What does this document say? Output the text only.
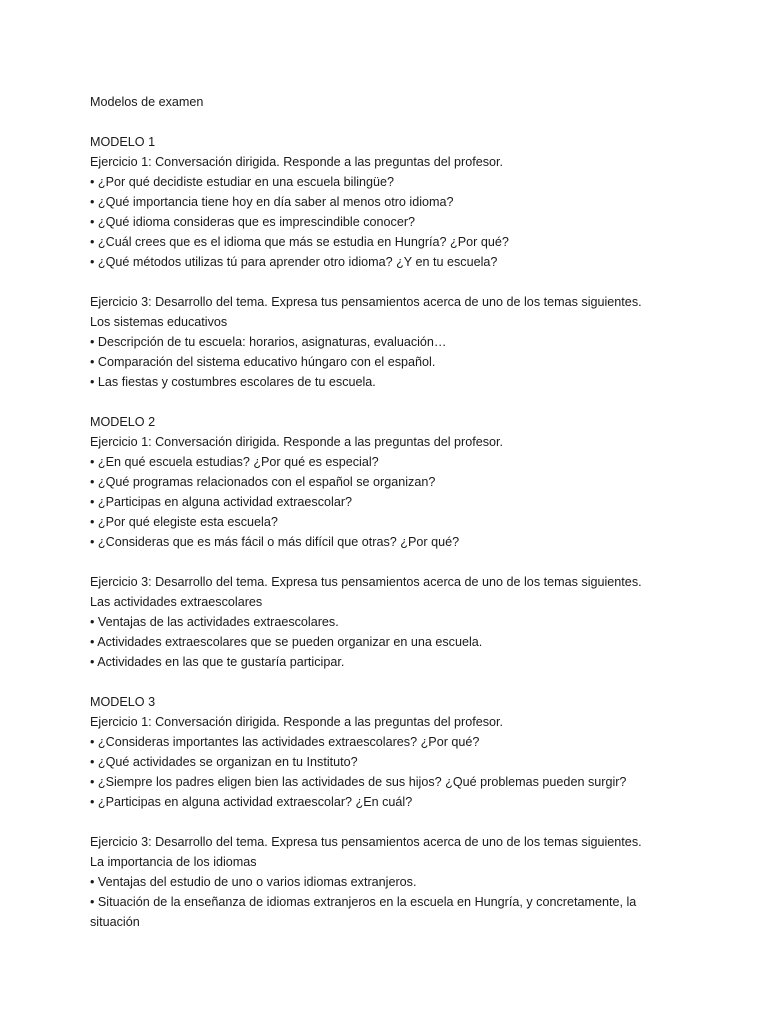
Modelos de examen
MODELO 1
Ejercicio 1: Conversación dirigida. Responde a las preguntas del profesor.
• ¿Por qué decidiste estudiar en una escuela bilingüe?
• ¿Qué importancia tiene hoy en día saber al menos otro idioma?
• ¿Qué idioma consideras que es imprescindible conocer?
• ¿Cuál crees que es el idioma que más se estudia en Hungría? ¿Por qué?
• ¿Qué métodos utilizas tú para aprender otro idioma? ¿Y en tu escuela?
Ejercicio 3: Desarrollo del tema. Expresa tus pensamientos acerca de uno de los temas siguientes.
Los sistemas educativos
• Descripción de tu escuela: horarios, asignaturas, evaluación…
• Comparación del sistema educativo húngaro con el español.
• Las fiestas y costumbres escolares de tu escuela.
MODELO 2
Ejercicio 1: Conversación dirigida. Responde a las preguntas del profesor.
• ¿En qué escuela estudias? ¿Por qué es especial?
• ¿Qué programas relacionados con el español se organizan?
• ¿Participas en alguna actividad extraescolar?
• ¿Por qué elegiste esta escuela?
• ¿Consideras que es más fácil o más difícil que otras? ¿Por qué?
Ejercicio 3: Desarrollo del tema. Expresa tus pensamientos acerca de uno de los temas siguientes.
Las actividades extraescolares
• Ventajas de las actividades extraescolares.
• Actividades extraescolares que se pueden organizar en una escuela.
• Actividades en las que te gustaría participar.
MODELO 3
Ejercicio 1: Conversación dirigida. Responde a las preguntas del profesor.
• ¿Consideras importantes las actividades extraescolares? ¿Por qué?
• ¿Qué actividades se organizan en tu Instituto?
• ¿Siempre los padres eligen bien las actividades de sus hijos? ¿Qué problemas pueden surgir?
• ¿Participas en alguna actividad extraescolar? ¿En cuál?
Ejercicio 3: Desarrollo del tema. Expresa tus pensamientos acerca de uno de los temas siguientes.
La importancia de los idiomas
• Ventajas del estudio de uno o varios idiomas extranjeros.
• Situación de la enseñanza de idiomas extranjeros en la escuela en Hungría, y concretamente, la situación
